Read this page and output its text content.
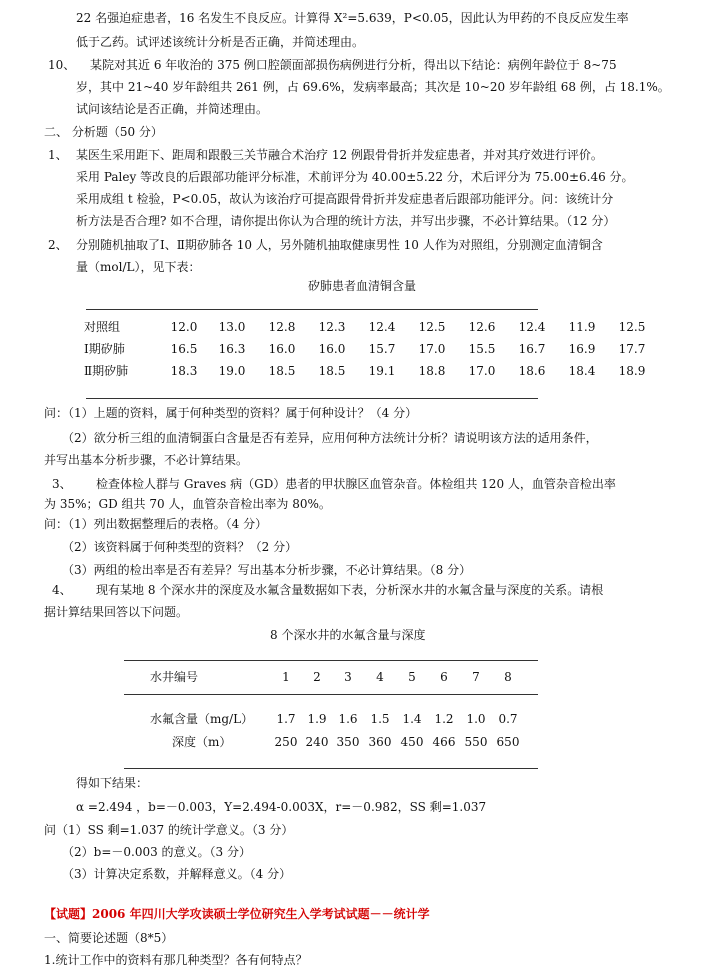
22 名强迫症患者，16 名发生不良反应。计算得 X²=5.639，P<0.05，因此认为甲药的不良反应发生率
低于乙药。试评述该统计分析是否正确，并简述理由。
10、 某院对其近 6 年收治的 375 例口腔颌面部损伤病例进行分析，得出以下结论：病例年龄位于 8~75
岁，其中 21~40 岁年龄组共 261 例，占 69.6%，发病率最高；其次是 10~20 岁年龄组 68 例，占 18.1%。
试问该结论是否正确，并简述理由。
二、 分析题（50 分）
1、 某医生采用距下、距周和跟骰三关节融合术治疗 12 例跟骨骨折并发症患者，并对其疗效进行评价。
采用 Paley 等改良的后跟部功能评分标准，术前评分为 40.00±5.22 分，术后评分为 75.00±6.46 分。
采用成组 t 检验，P<0.05，故认为该治疗可提高跟骨骨折并发症患者后跟部功能评分。问：该统计分
析方法是否合理? 如不合理，请你提出你认为合理的统计方法，并写出步骤，不必计算结果。（12 分）
2、 分别随机抽取了Ⅰ、Ⅱ期矽肺各 10 人，另外随机抽取健康男性 10 人作为对照组，分别测定血清铜含
量（mol/L），见下表：
矽肺患者血清铜含量
对照组	12.0	13.0	12.8	12.3	12.4	12.5	12.6	12.4	11.9	12.5
Ⅰ期矽肺	16.5	16.3	16.0	16.0	15.7	17.0	15.5	16.7	16.9	17.7
Ⅱ期矽肺	18.3	19.0	18.5	18.5	19.1	18.8	17.0	18.6	18.4	18.9
问：（1）上题的资料，属于何种类型的资料？属于何种设计？（4 分）
（2）欲分析三组的血清铜蛋白含量是否有差异，应用何种方法统计分析？请说明该方法的适用条件，
并写出基本分析步骤，不必计算结果。
3、 检查体检人群与 Graves 病（GD）患者的甲状腺区血管杂音。体检组共 120 人，血管杂音检出率
为 35%；GD 组共 70 人，血管杂音检出率为 80%。
问：（1）列出数据整理后的表格。（4 分）
（2）该资料属于何种类型的资料？（2 分）
（3）两组的检出率是否有差异？写出基本分析步骤，不必计算结果。（8 分）
4、 现有某地 8 个深水井的深度及水氟含量数据如下表，分析深水井的水氟含量与深度的关系。请根
据计算结果回答以下问题。
8 个深水井的水氟含量与深度
水井编号	1	2	3	4	5	6	7	8
水氟含量（mg/L）	1.7 1.9 1.6	1.5	1.4	1.2	1.0	0.7
深度（m）	250 240 350 360 450 466 550 650
得如下结果：
α =2.494 ，b=－0.003，Y=2.494-0.003X，r=－0.982，SS 剩=1.037
问（1）SS 剩=1.037 的统计学意义。（3 分）
（2）b=－0.003 的意义。（3 分）
（3）计算决定系数，并解释意义。（4 分）
【试题】2006 年四川大学攻读硕士学位研究生入学考试试题－－统计学
一、简要论述题（8*5）
1.统计工作中的资料有那几种类型？各有何特点？
